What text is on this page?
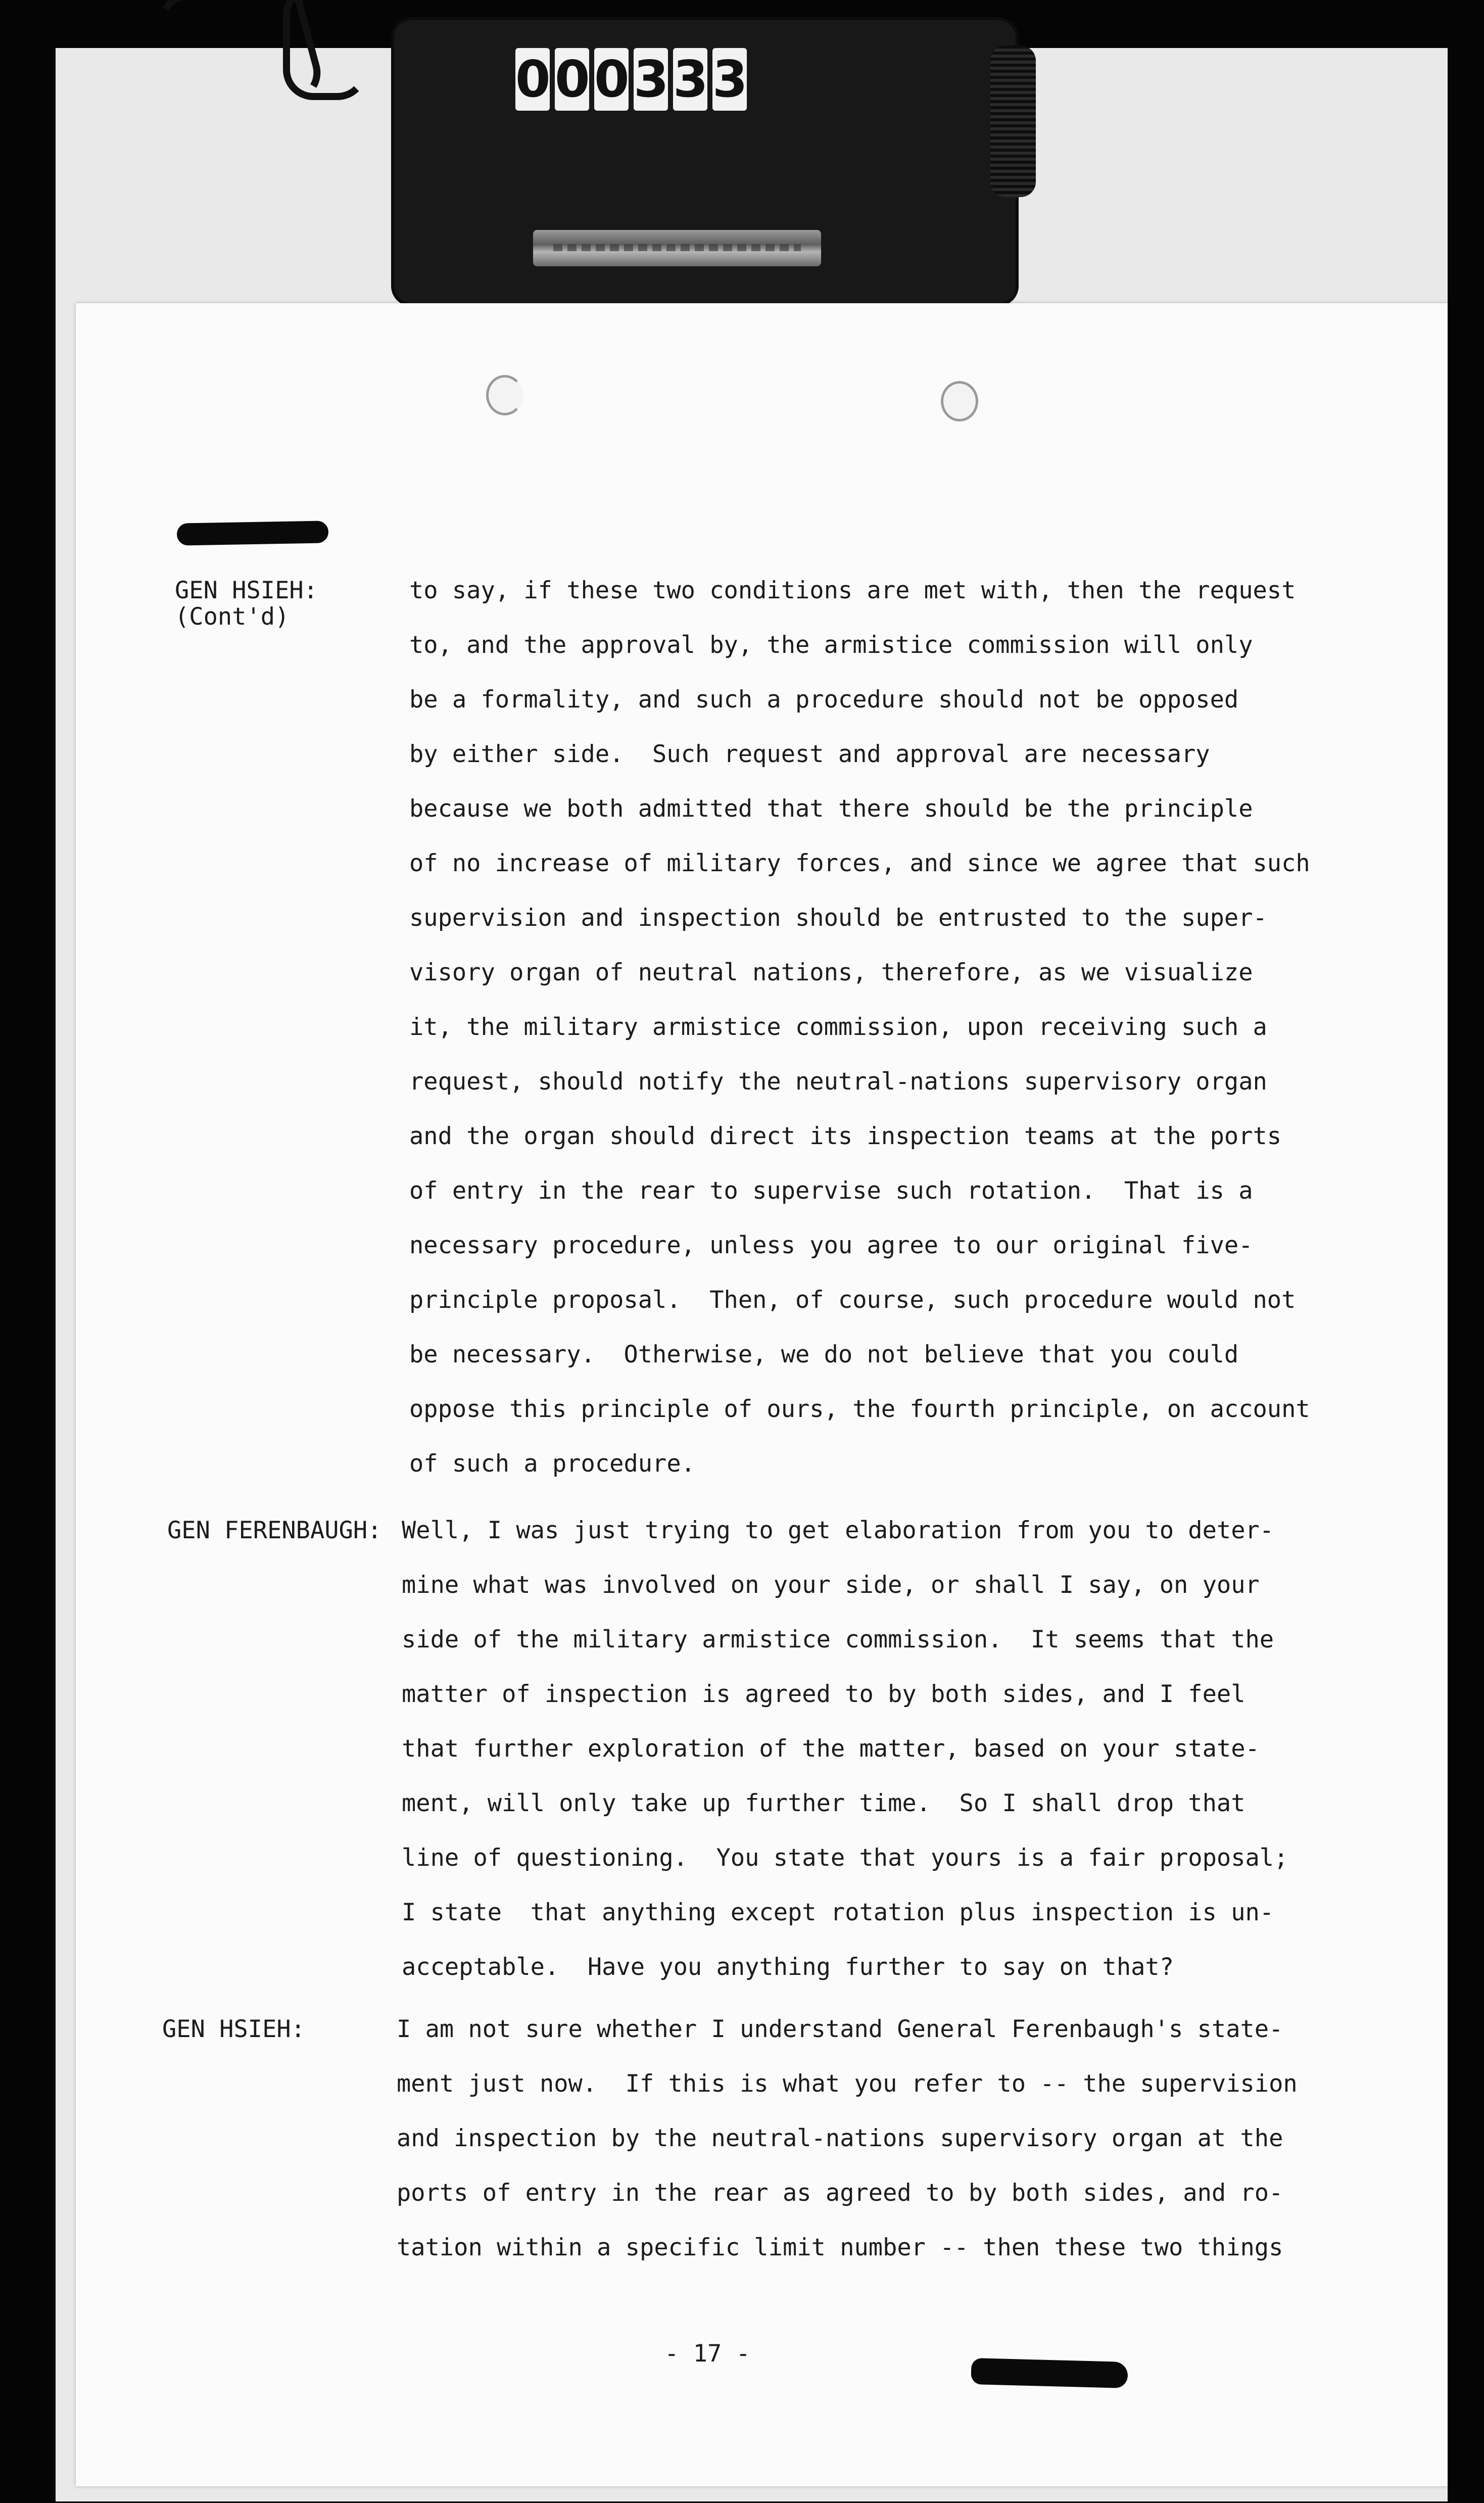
0 0 0 3 3 3
GEN HSIEH:
(Cont'd)
to say, if these two conditions are met with, then the request
to, and the approval by, the armistice commission will only
be a formality, and such a procedure should not be opposed
by either side.  Such request and approval are necessary
because we both admitted that there should be the principle
of no increase of military forces, and since we agree that such
supervision and inspection should be entrusted to the super-
visory organ of neutral nations, therefore, as we visualize
it, the military armistice commission, upon receiving such a
request, should notify the neutral-nations supervisory organ
and the organ should direct its inspection teams at the ports
of entry in the rear to supervise such rotation.  That is a
necessary procedure, unless you agree to our original five-
principle proposal.  Then, of course, such procedure would not
be necessary.  Otherwise, we do not believe that you could
oppose this principle of ours, the fourth principle, on account
of such a procedure.
GEN FERENBAUGH: Well, I was just trying to get elaboration from you to deter-
mine what was involved on your side, or shall I say, on your
side of the military armistice commission.  It seems that the
matter of inspection is agreed to by both sides, and I feel
that further exploration of the matter, based on your state-
ment, will only take up further time.  So I shall drop that
line of questioning.  You state that yours is a fair proposal;
I state  that anything except rotation plus inspection is un-
acceptable.  Have you anything further to say on that?
GEN HSIEH:	I am not sure whether I understand General Ferenbaugh's state-
ment just now.  If this is what you refer to -- the supervision
and inspection by the neutral-nations supervisory organ at the
ports of entry in the rear as agreed to by both sides, and ro-
tation within a specific limit number -- then these two things
- 17 -
